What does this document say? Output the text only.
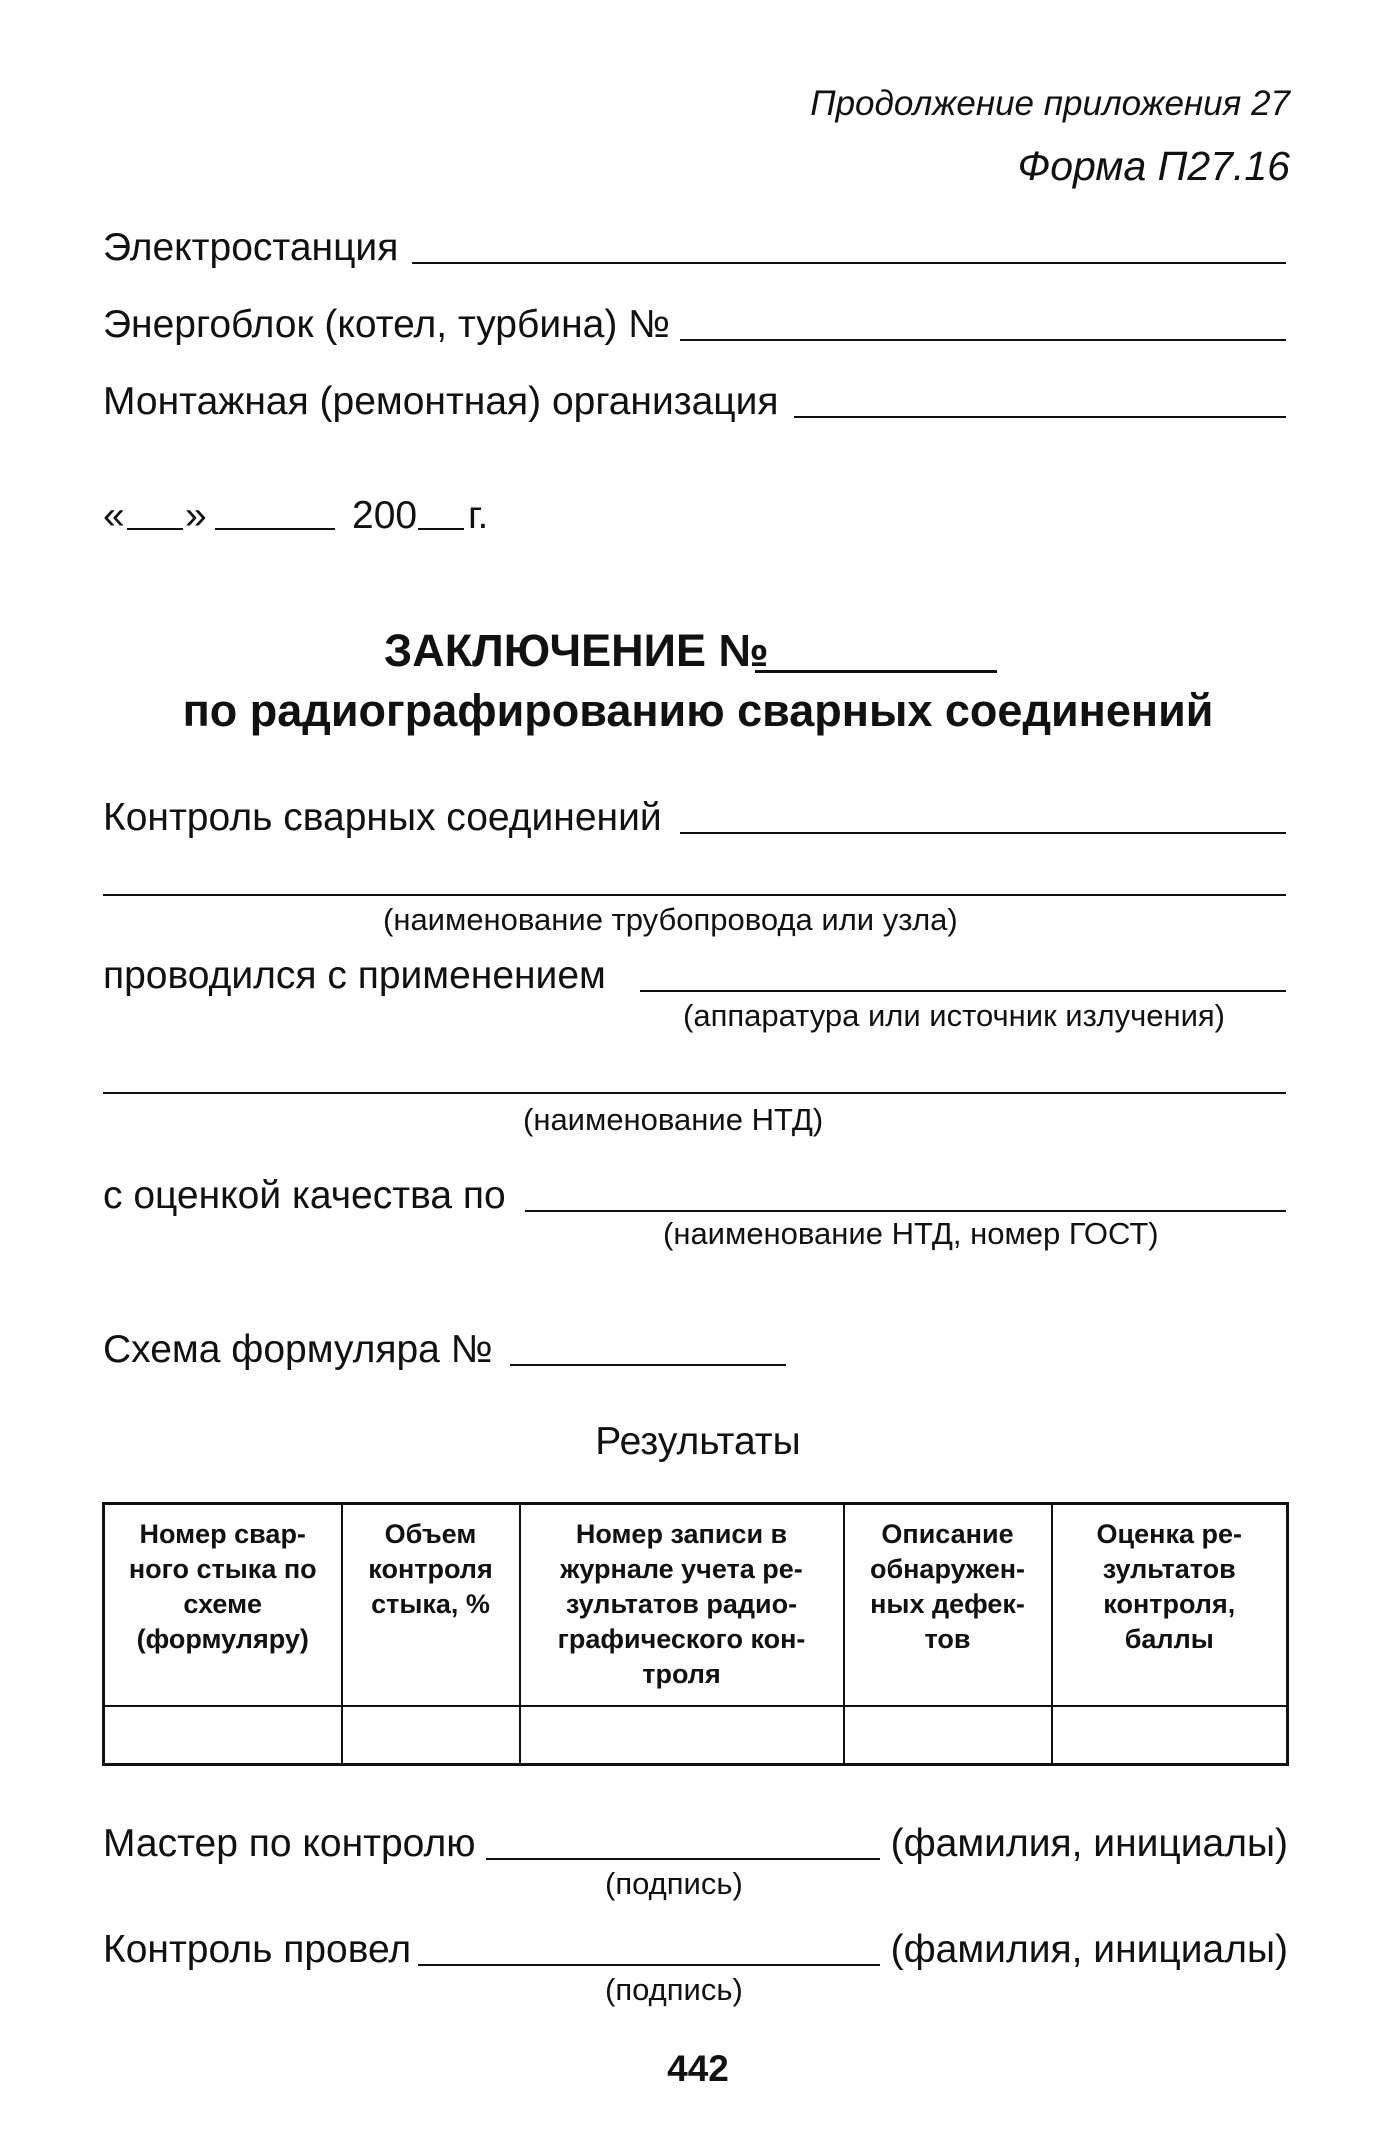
Продолжение приложения 27
Форма П27.16
Электростанция
Энергоблок (котел, турбина) №
Монтажная (ремонтная) организация
« »	200 г.
ЗАКЛЮЧЕНИЕ №
по радиографированию сварных соединений
Контроль сварных соединений
(наименование трубопровода или узла)
проводился с применением
(аппаратура или источник излучения)
(наименование НТД)
с оценкой качества по
(наименование НТД, номер ГОСТ)
Схема формуляра №
Результаты
Номер свар-ного стыка по схеме (формуляру)	Объем контроля стыка, %	Номер записи в журнале учета ре-зультатов радио-графического кон-троля	Описание обнаружен-ных дефек-тов	Оценка ре-зультатов контроля, баллы

Мастер по контролю	(фамилия, инициалы)
(подпись)
Контроль провел	(фамилия, инициалы)
(подпись)
442
